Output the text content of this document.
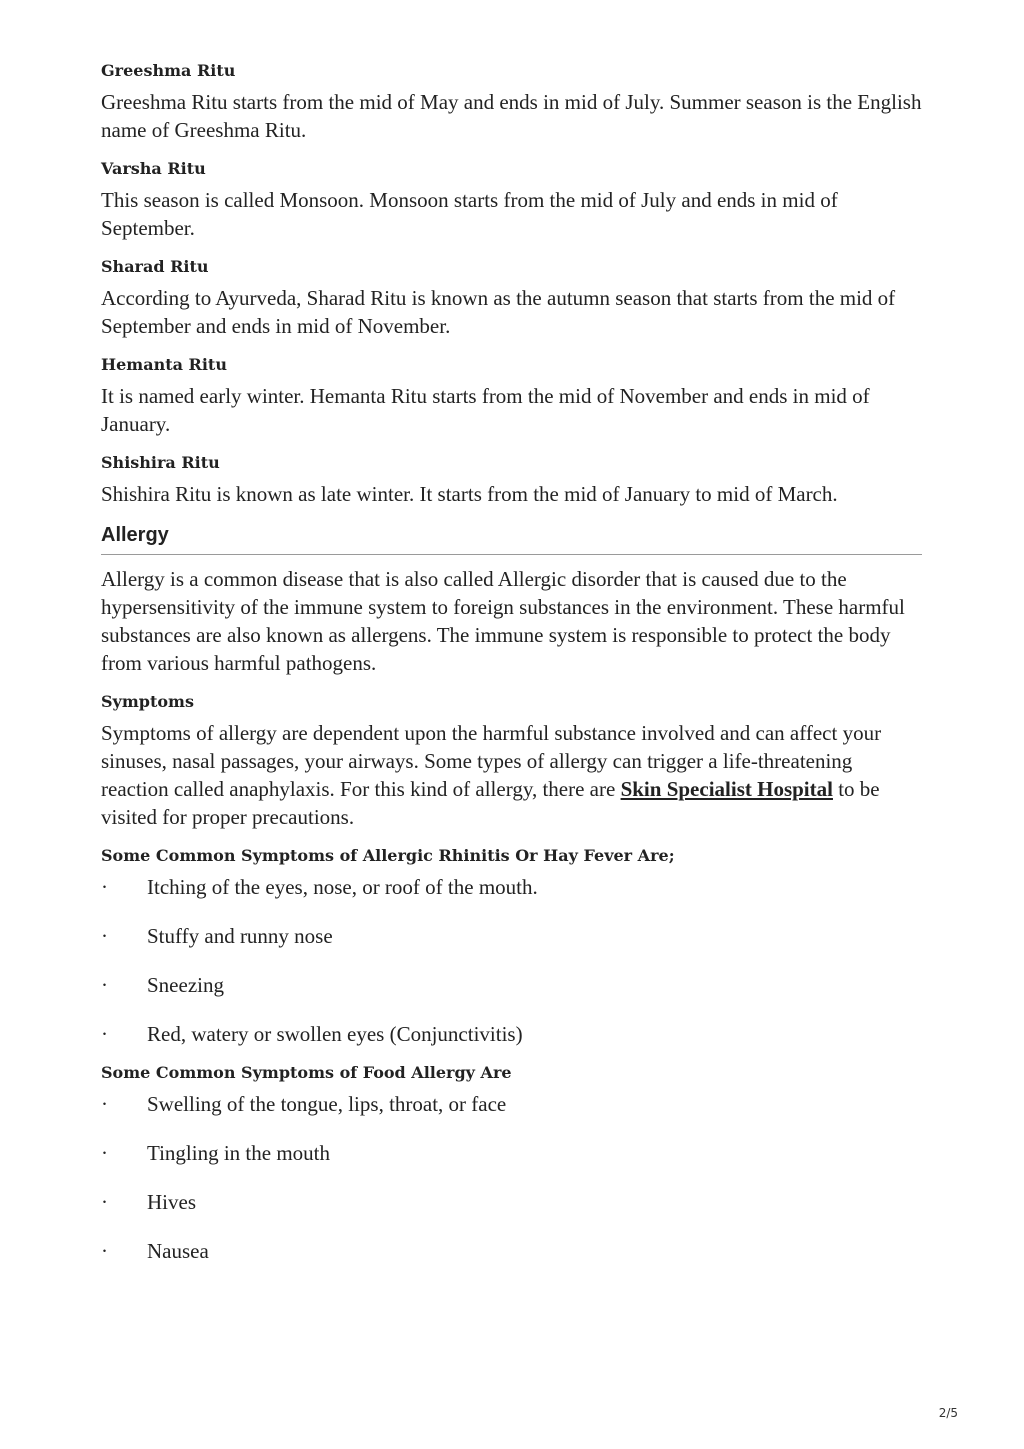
Greeshma Ritu

Greeshma Ritu starts from the mid of May and ends in mid of July. Summer season is the English name of Greeshma Ritu.

Varsha Ritu

This season is called Monsoon. Monsoon starts from the mid of July and ends in mid of September.

Sharad Ritu

According to Ayurveda, Sharad Ritu is known as the autumn season that starts from the mid of September and ends in mid of November.

Hemanta Ritu

It is named early winter. Hemanta Ritu starts from the mid of November and ends in mid of January.

Shishira Ritu

Shishira Ritu is known as late winter. It starts from the mid of January to mid of March.

Allergy

Allergy is a common disease that is also called Allergic disorder that is caused due to the hypersensitivity of the immune system to foreign substances in the environment. These harmful substances are also known as allergens. The immune system is responsible to protect the body from various harmful pathogens.

Symptoms

Symptoms of allergy are dependent upon the harmful substance involved and can affect your sinuses, nasal passages, your airways. Some types of allergy can trigger a life-threatening reaction called anaphylaxis. For this kind of allergy, there are Skin Specialist Hospital to be visited for proper precautions.

Some Common Symptoms of Allergic Rhinitis Or Hay Fever Are;
·	Itching of the eyes, nose, or roof of the mouth.
·	Stuffy and runny nose
·	Sneezing
·	Red, watery or swollen eyes (Conjunctivitis)
Some Common Symptoms of Food Allergy Are
·	Swelling of the tongue, lips, throat, or face
·	Tingling in the mouth
·	Hives
·	Nausea
2/5
